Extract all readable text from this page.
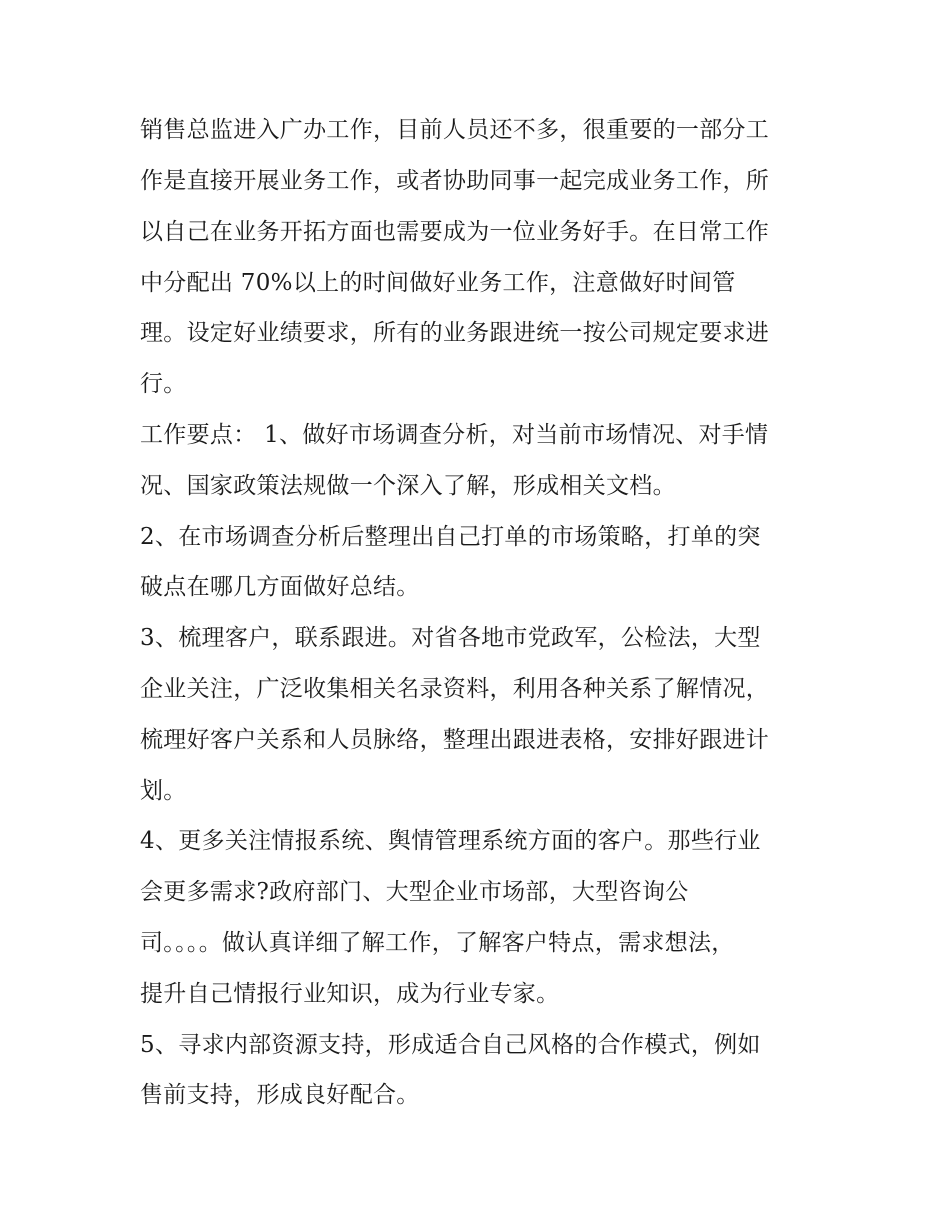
销售总监进入广办工作，目前人员还不多，很重要的一部分工
作是直接开展业务工作，或者协助同事一起完成业务工作，所
以自己在业务开拓方面也需要成为一位业务好手。在日常工作
中分配出 70%以上的时间做好业务工作，注意做好时间管
理。设定好业绩要求，所有的业务跟进统一按公司规定要求进
行。
工作要点： 1、做好市场调查分析，对当前市场情况、对手情
况、国家政策法规做一个深入了解，形成相关文档。
2、在市场调查分析后整理出自己打单的市场策略，打单的突
破点在哪几方面做好总结。
3、梳理客户，联系跟进。对省各地市党政军，公检法，大型
企业关注，广泛收集相关名录资料，利用各种关系了解情况，
梳理好客户关系和人员脉络，整理出跟进表格，安排好跟进计
划。
4、更多关注情报系统、舆情管理系统方面的客户。那些行业
会更多需求?政府部门、大型企业市场部，大型咨询公
司。。。。做认真详细了解工作，了解客户特点，需求想法，
提升自己情报行业知识，成为行业专家。
5、寻求内部资源支持，形成适合自己风格的合作模式，例如
售前支持，形成良好配合。
